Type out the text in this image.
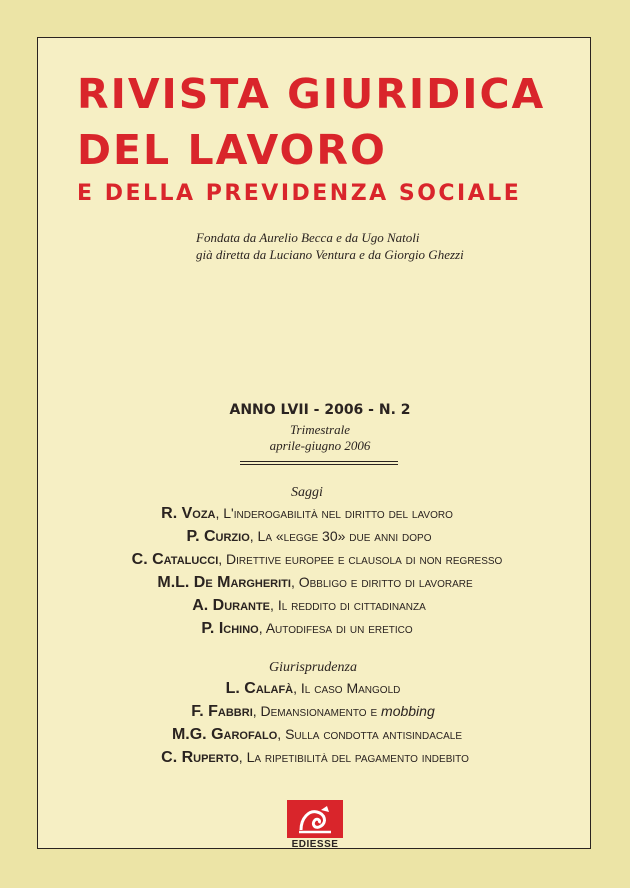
RIVISTA GIURIDICA
DEL LAVORO
E DELLA PREVIDENZA SOCIALE
Fondata da Aurelio Becca e da Ugo Natoli
già diretta da Luciano Ventura e da Giorgio Ghezzi
ANNO LVII - 2006 - N. 2
Trimestrale
aprile-giugno 2006
Saggi
R. Voza, L'inderogabilità nel diritto del lavoro
P. Curzio, La «legge 30» due anni dopo
C. Catalucci, Direttive europee e clausola di non regresso
M.L. De Margheriti, Obbligo e diritto di lavorare
A. Durante, Il reddito di cittadinanza
P. Ichino, Autodifesa di un eretico
Giurisprudenza
L. Calafà, Il caso Mangold
F. Fabbri, Demansionamento e mobbing
M.G. Garofalo, Sulla condotta antisindacale
C. Ruperto, La ripetibilità del pagamento indebito
EDIESSE
